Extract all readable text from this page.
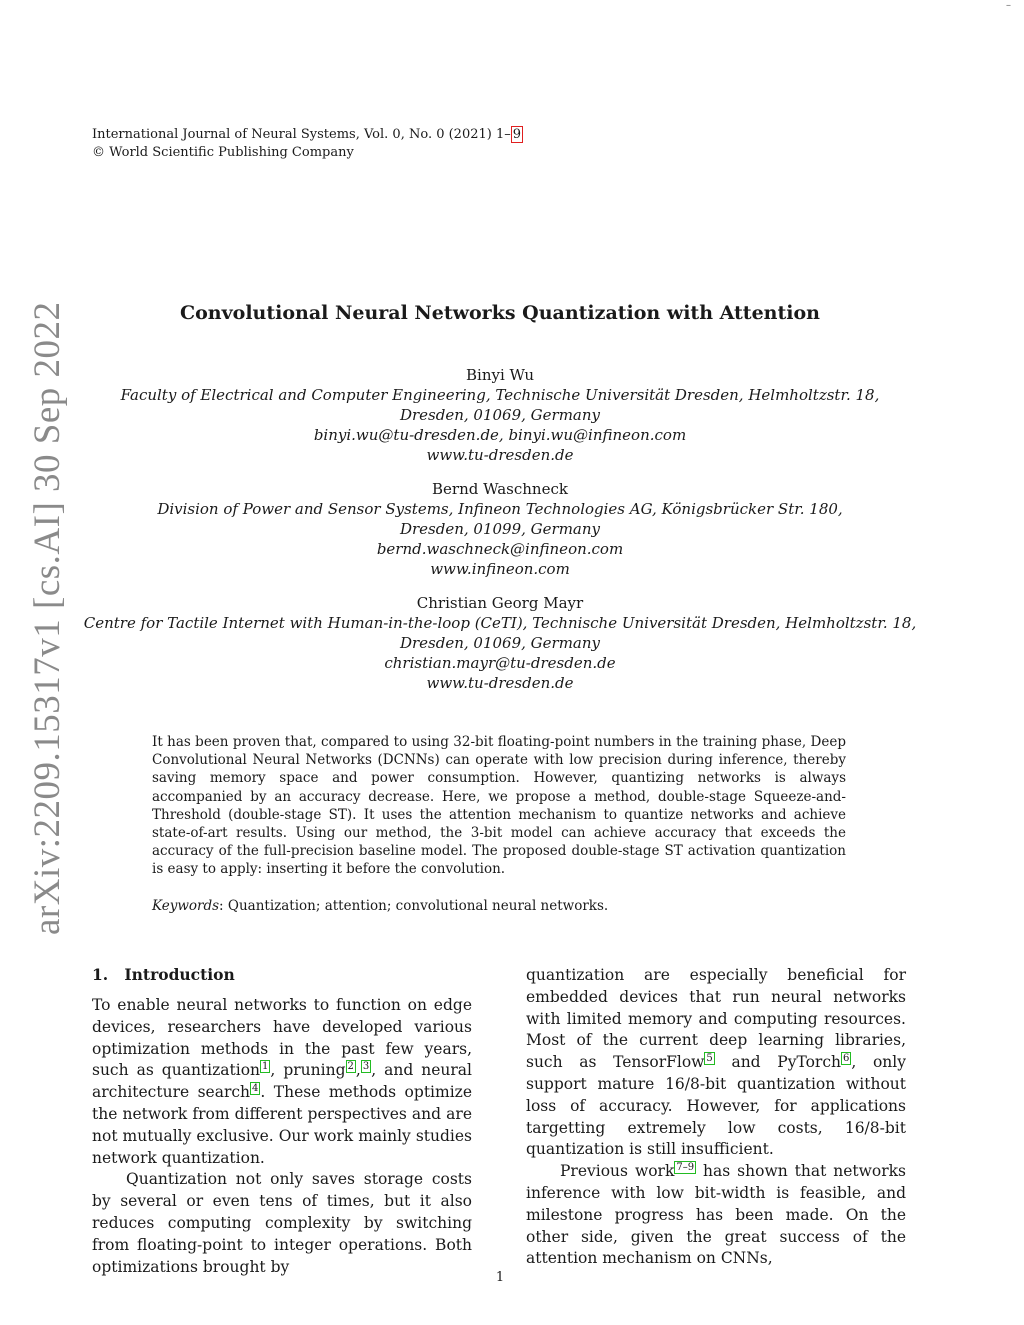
–
International Journal of Neural Systems, Vol. 0, No. 0 (2021) 1– 9
© World Scientific Publishing Company
arXiv:2209.15317v1 [cs.AI] 30 Sep 2022	Convolutional Neural Networks Quantization with Attention
Binyi Wu
Faculty of Electrical and Computer Engineering, Technische Universität Dresden, Helmholtzstr. 18,
Dresden, 01069, Germany
binyi.wu@tu-dresden.de, binyi.wu@infineon.com
www.tu-dresden.de
Bernd Waschneck
Division of Power and Sensor Systems, Infineon Technologies AG, Königsbrücker Str. 180,
Dresden, 01099, Germany
bernd.waschneck@infineon.com
www.infineon.com
Christian Georg Mayr
Centre for Tactile Internet with Human-in-the-loop (CeTI), Technische Universität Dresden, Helmholtzstr. 18,
Dresden, 01069, Germany
christian.mayr@tu-dresden.de
www.tu-dresden.de
It has been proven that, compared to using 32-bit floating-point numbers in the training phase, Deep Convolutional Neural Networks (DCNNs) can operate with low precision during inference, thereby saving memory space and power consumption. However, quantizing networks is always accompanied by an accuracy decrease. Here, we propose a method, double-stage Squeeze-and-Threshold (double-stage ST). It uses the attention mechanism to quantize networks and achieve state-of-art results. Using our method, the 3-bit model can achieve accuracy that exceeds the accuracy of the full-precision baseline model. The proposed double-stage ST activation quantization is easy to apply: inserting it before the convolution.
Keywords: Quantization; attention; convolutional neural networks.
1. Introduction

To enable neural networks to function on edge devices, researchers have developed various optimization methods in the past few years, such as quantization $^1$ , pruning $^2$ , $^3$ , and neural architecture search $^4$ . These methods optimize the network from different perspectives and are not mutually exclusive. Our work mainly studies network quantization.

Quantization not only saves storage costs by several or even tens of times, but it also reduces computing complexity by switching from floating-point to integer operations. Both optimizations brought by

quantization are especially beneficial for embedded devices that run neural networks with limited memory and computing resources. Most of the current deep learning libraries, such as TensorFlow $^5$ and PyTorch $^6$ , only support mature 16/8-bit quantization without loss of accuracy. However, for applications targetting extremely low costs, 16/8-bit quantization is still insufficient.

Previous work $^{7-9}$ has shown that networks inference with low bit-width is feasible, and milestone progress has been made. On the other side, given the great success of the attention mechanism on CNNs,

1
